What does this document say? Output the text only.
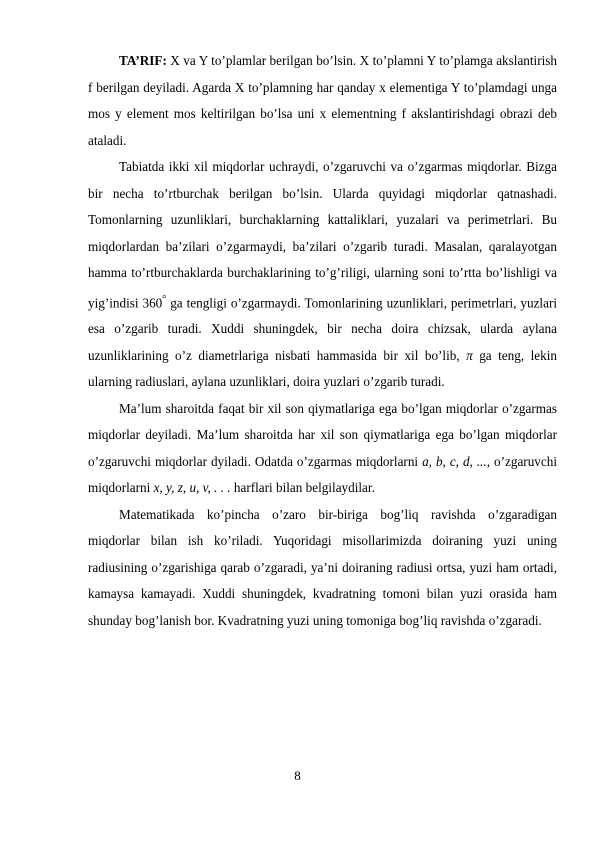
TA’RIF: X va Y to’plamlar berilgan bo’lsin. X to’plamni Y to’plamga akslantirish f berilgan deyiladi. Agarda X to’plamning har qanday x elementiga Y to’plamdagi unga mos y element mos keltirilgan bo’lsa uni x elementning f akslantirishdagi obrazi deb ataladi.

Tabiatda ikki xil miqdorlar uchraydi, o’zgaruvchi va o’zgarmas miqdorlar. Bizga bir necha to’rtburchak berilgan bo’lsin. Ularda quyidagi miqdorlar qatnashadi. Tomonlarning uzunliklari, burchaklarning kattaliklari, yuzalari va perimetrlari. Bu miqdorlardan ba’zilari o’zgarmaydi, ba’zilari o’zgarib turadi. Masalan, qaralayotgan hamma to’rtburchaklarda burchaklarining to’g’riligi, ularning soni to’rtta bo’lishligi va yig’indisi 360° ga tengligi o’zgarmaydi. Tomonlarining uzunliklari, perimetrlari, yuzlari esa o’zgarib turadi. Xuddi shuningdek, bir necha doira chizsak, ularda aylana uzunliklarining o’z diametrlariga nisbati hammasida bir xil bo’lib, π ga teng, lekin ularning radiuslari, aylana uzunliklari, doira yuzlari o’zgarib turadi.

Ma’lum sharoitda faqat bir xil son qiymatlariga ega bo’lgan miqdorlar o’zgarmas miqdorlar deyiladi. Ma’lum sharoitda har xil son qiymatlariga ega bo’lgan miqdorlar o’zgaruvchi miqdorlar dyiladi. Odatda o’zgarmas miqdorlarni a, b, c, d, ..., o’zgaruvchi miqdorlarni x, y, z, u, v, . . . harflari bilan belgilaydilar.

Matematikada ko’pincha o’zaro bir-biriga bog’liq ravishda o’zgaradigan miqdorlar bilan ish ko’riladi. Yuqoridagi misollarimizda doiraning yuzi uning radiusining o’zgarishiga qarab o’zgaradi, ya’ni doiraning radiusi ortsa, yuzi ham ortadi, kamaysa kamayadi. Xuddi shuningdek, kvadratning tomoni bilan yuzi orasida ham shunday bog’lanish bor. Kvadratning yuzi uning tomoniga bog’liq ravishda o’zgaradi.

8
